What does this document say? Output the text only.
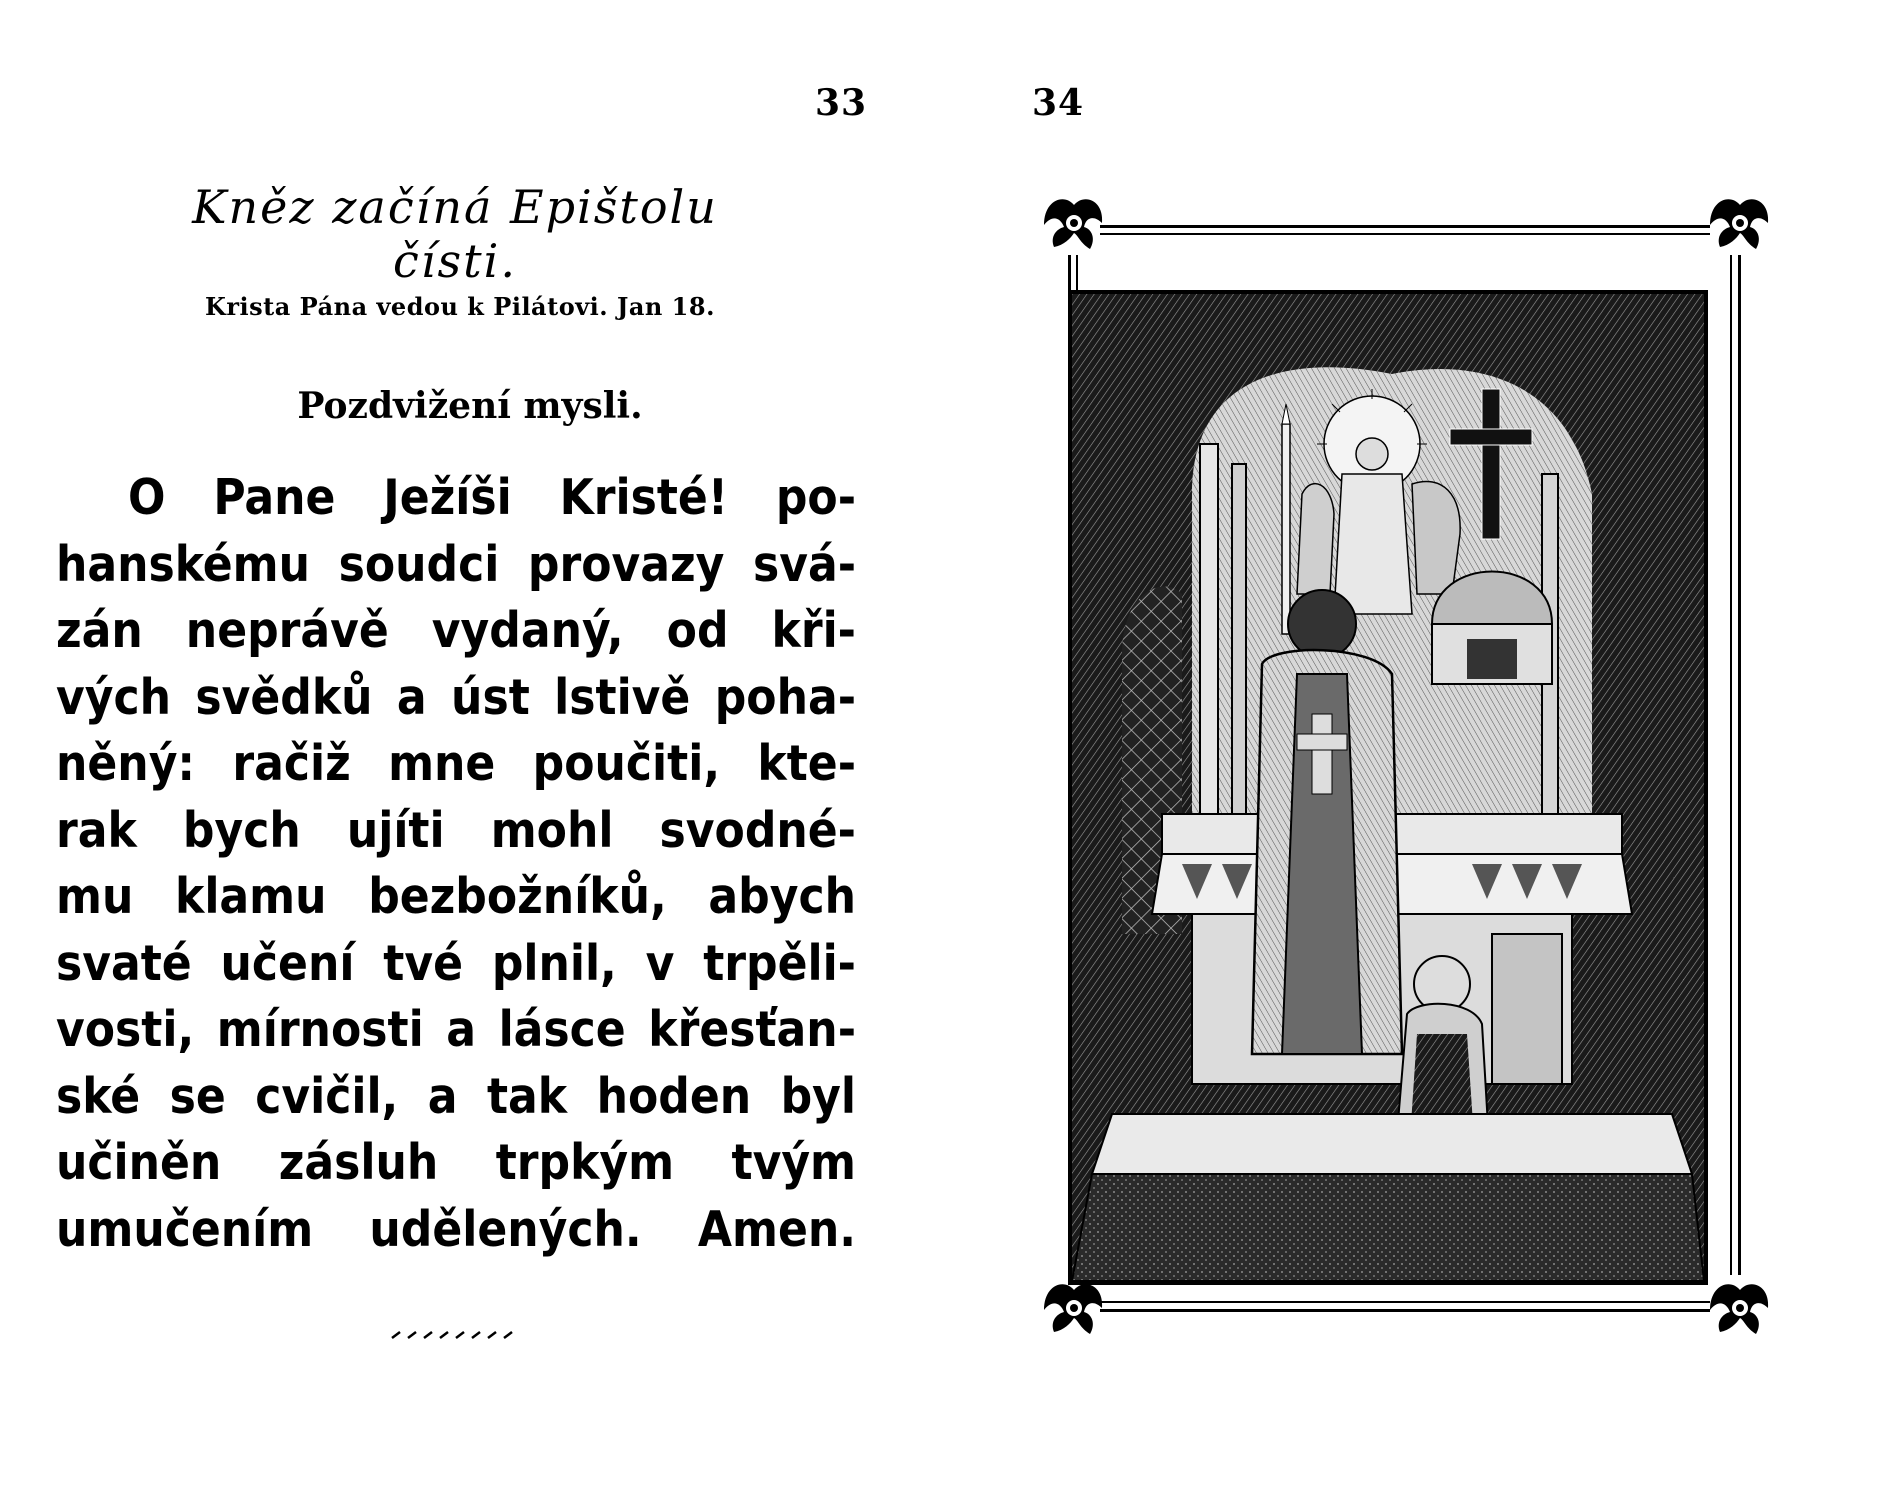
33
Kněz začíná Epištolu čísti.
Krista Pána vedou k Pilátovi. Jan 18.
Pozdvižení mysli.
O Pane Ježíši Kristé! po-
hanskému soudci provazy svá-
zán neprávě vydaný, od kři-
vých svědků a úst lstivě poha-
něný: račiž mne poučiti, kte-
rak bych ujíti mohl svodné-
mu klamu bezbožníků, abych
svaté učení tvé plnil, v trpěli-
vosti, mírnosti a lásce křesťan-
ské se cvičil, a tak hoden byl
učiněn zásluh trpkým tvým
umučením udělených. Amen.
34
